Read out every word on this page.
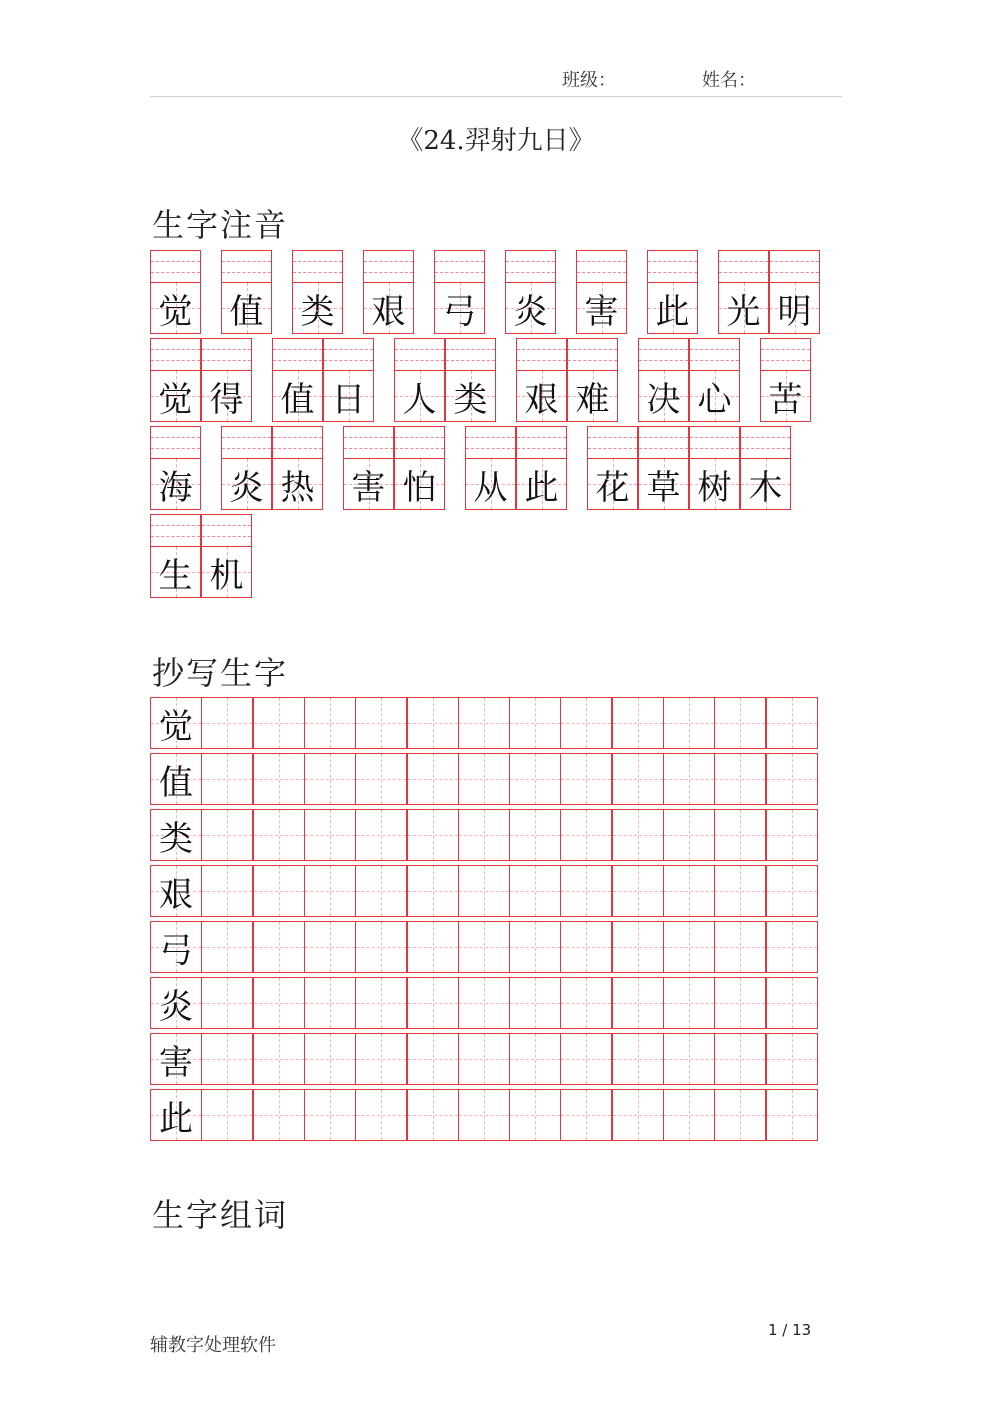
班级：	姓名：
《24.羿射九日》
生字注音
觉 值 类 艰 弓 炎 害 此 光 明
觉 得 值 日 人 类 艰 难 决 心 苦
海 炎 热 害 怕 从 此 花 草 树 木
生 机
抄写生字
觉
值
类
艰
弓
炎
害
此
生字组词
辅教字处理软件
1 / 13
